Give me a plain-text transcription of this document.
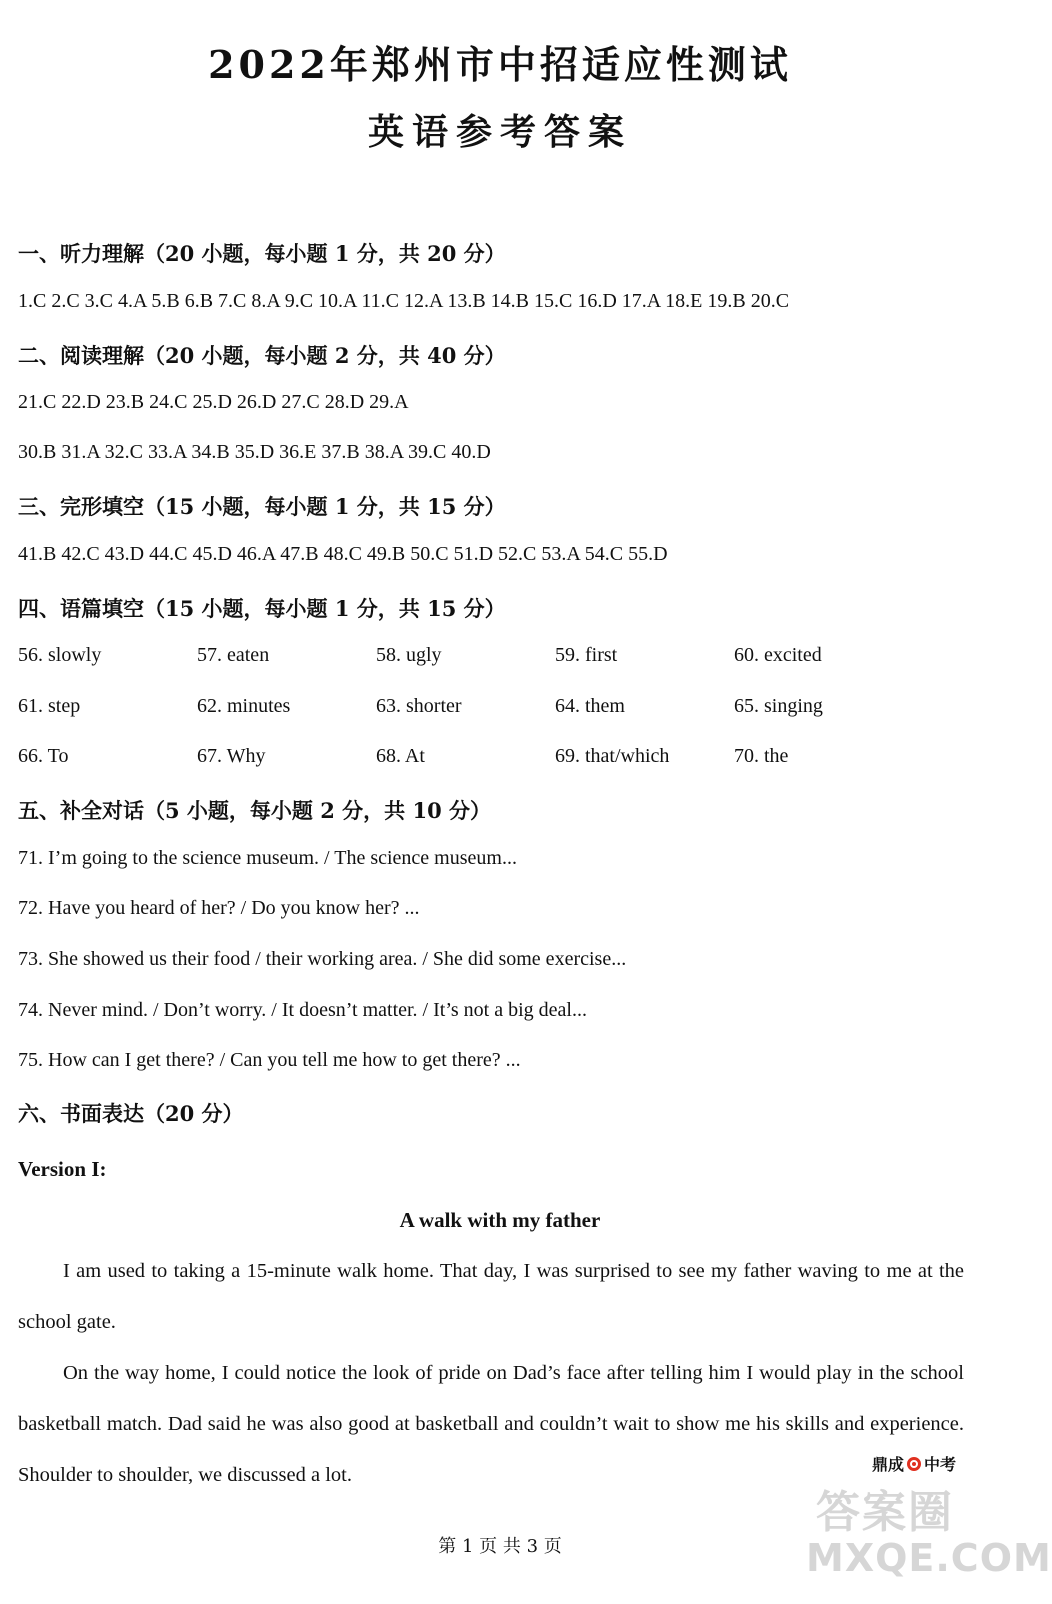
2022年郑州市中招适应性测试
英语参考答案
一、听力理解（20 小题，每小题 1 分，共 20 分）
1.C 2.C 3.C 4.A 5.B 6.B 7.C 8.A 9.C 10.A 11.C 12.A 13.B 14.B 15.C 16.D 17.A 18.E 19.B 20.C
二、阅读理解（20 小题，每小题 2 分，共 40 分）
21.C 22.D 23.B 24.C 25.D 26.D 27.C 28.D 29.A
30.B 31.A 32.C 33.A 34.B 35.D 36.E 37.B 38.A 39.C 40.D
三、完形填空（15 小题，每小题 1 分，共 15 分）
41.B 42.C 43.D 44.C 45.D 46.A 47.B 48.C 49.B 50.C 51.D 52.C 53.A 54.C 55.D
四、语篇填空（15 小题，每小题 1 分，共 15 分）
56. slowly	57. eaten	58. ugly	59. first	60. excited
61. step	62. minutes	63. shorter	64. them	65. singing
66. To	67. Why	68. At	69. that/which	70. the
五、补全对话（5 小题，每小题 2 分，共 10 分）
71. I’m going to the science museum. / The science museum...
72. Have you heard of her? / Do you know her? ...
73. She showed us their food / their working area. / She did some exercise...
74. Never mind. / Don’t worry. / It doesn’t matter. / It’s not a big deal...
75. How can I get there? / Can you tell me how to get there? ...
六、书面表达（20 分）
Version I:
A walk with my father

I am used to taking a 15-minute walk home. That day, I was surprised to see my father waving to me at the school gate.

On the way home, I could notice the look of pride on Dad’s face after telling him I would play in the school basketball match. Dad said he was also good at basketball and couldn’t wait to show me his skills and experience. Shoulder to shoulder, we discussed a lot.	鼎成 中考
答案圈
MXQE.COM
第 1 页 共 3 页
